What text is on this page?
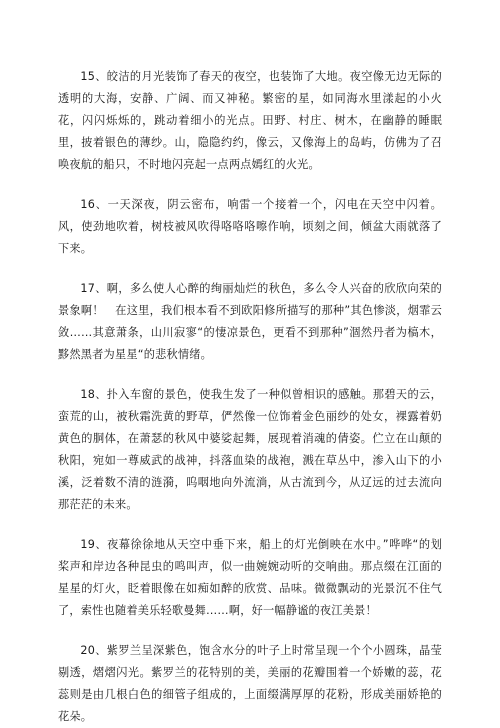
15、皎洁的月光装饰了春天的夜空，也装饰了大地。夜空像无边无际的透明的大海，安静、广阔、而又神秘。繁密的星，如同海水里漾起的小火花，闪闪烁烁的，跳动着细小的光点。田野、村庄、树木，在幽静的睡眠里，披着银色的薄纱。山，隐隐约约，像云，又像海上的岛屿，仿佛为了召唤夜航的船只，不时地闪亮起一点两点嫣红的火光。

16、一天深夜，阴云密布，响雷一个接着一个，闪电在天空中闪着。风，使劲地吹着，树枝被风吹得咯咯咯嚓作响，顷刻之间，倾盆大雨就落了下来。

17、啊，多么使人心醉的绚丽灿烂的秋色，多么令人兴奋的欣欣向荣的景象啊！　在这里，我们根本看不到欧阳修所描写的那种”其色惨淡，烟霏云敛……其意萧条，山川寂寥“的悽凉景色，更看不到那种”涸然丹者为槁木，黟然黑者为星星“的悲秋情绪。

18、扑入车窗的景色，使我生发了一种似曾相识的感触。那碧天的云，蛮荒的山，被秋霜洗黄的野草，俨然像一位饰着金色丽纱的处女，裸露着奶黄色的胴体，在萧瑟的秋风中婆娑起舞，展现着消魂的倩姿。伫立在山颠的秋阳，宛如一尊威武的战神，抖落血染的战袍，溅在草丛中，渗入山下的小溪，泛着数不清的涟漪，呜咽地向外流淌，从古流到今，从辽远的过去流向那茫茫的未来。

19、夜幕徐徐地从天空中垂下来，船上的灯光倒映在水中。”哗哗“的划桨声和岸边各种昆虫的鸣叫声，似一曲婉婉动听的交响曲。那点缀在江面的星星的灯火，眨着眼像在如痴如醉的欣赏、品味。微微飘动的光景沉不住气了，索性也随着美乐轻歌曼舞……啊，好一幅静谧的夜江美景！

20、紫罗兰呈深紫色，饱含水分的叶子上时常呈现一个个小圆珠，晶莹剔透，熠熠闪光。紫罗兰的花特别的美，美丽的花瓣围着一个娇嫩的蕊，花蕊则是由几根白色的细管子组成的，上面缀满厚厚的花粉，形成美丽娇艳的花朵。
